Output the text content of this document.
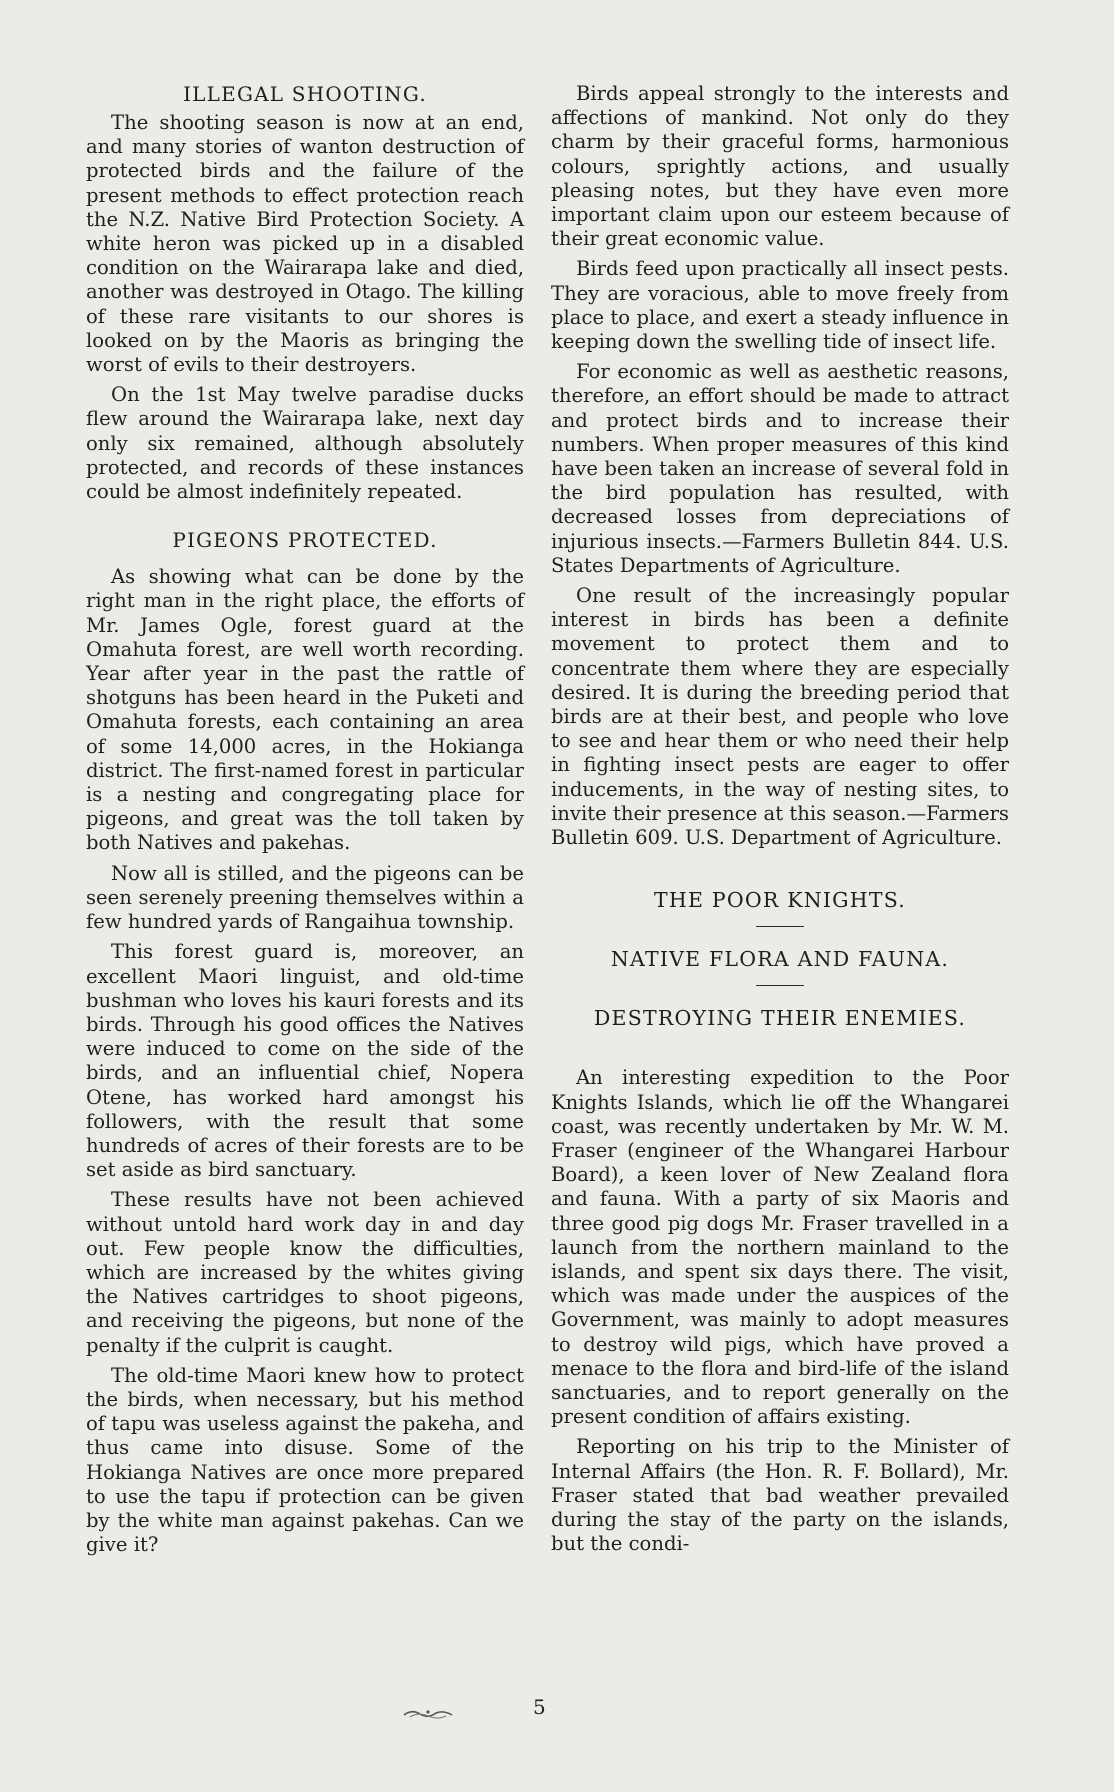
ILLEGAL SHOOTING.

The shooting season is now at an end, and many stories of wanton destruction of protected birds and the failure of the present methods to effect protection reach the N.Z. Native Bird Protection Society. A white heron was picked up in a disabled condition on the Wairarapa lake and died, another was destroyed in Otago. The killing of these rare visitants to our shores is looked on by the Maoris as bringing the worst of evils to their destroyers.

On the 1st May twelve paradise ducks flew around the Wairarapa lake, next day only six remained, although absolutely protected, and records of these instances could be almost indefinitely repeated.

PIGEONS PROTECTED.

As showing what can be done by the right man in the right place, the efforts of Mr. James Ogle, forest guard at the Omahuta forest, are well worth recording. Year after year in the past the rattle of shotguns has been heard in the Puketi and Omahuta forests, each containing an area of some 14,000 acres, in the Hokianga district. The first-named forest in particular is a nesting and congregating place for pigeons, and great was the toll taken by both Natives and pakehas.

Now all is stilled, and the pigeons can be seen serenely preening themselves within a few hundred yards of Rangaihua township.

This forest guard is, moreover, an excellent Maori linguist, and old-time bushman who loves his kauri forests and its birds. Through his good offices the Natives were induced to come on the side of the birds, and an influential chief, Nopera Otene, has worked hard amongst his followers, with the result that some hundreds of acres of their forests are to be set aside as bird sanctuary.

These results have not been achieved without untold hard work day in and day out. Few people know the difficulties, which are increased by the whites giving the Natives cartridges to shoot pigeons, and receiving the pigeons, but none of the penalty if the culprit is caught.

The old-time Maori knew how to protect the birds, when necessary, but his method of tapu was useless against the pakeha, and thus came into disuse. Some of the Hokianga Natives are once more prepared to use the tapu if protection can be given by the white man against pakehas. Can we give it?

Birds appeal strongly to the interests and affections of mankind. Not only do they charm by their graceful forms, harmonious colours, sprightly actions, and usually pleasing notes, but they have even more important claim upon our esteem because of their great economic value.

Birds feed upon practically all insect pests. They are voracious, able to move freely from place to place, and exert a steady influence in keeping down the swelling tide of insect life.

For economic as well as aesthetic reasons, therefore, an effort should be made to attract and protect birds and to increase their numbers. When proper measures of this kind have been taken an increase of several fold in the bird population has resulted, with decreased losses from depreciations of injurious insects.—Farmers Bulletin 844. U.S. States Departments of Agriculture.

One result of the increasingly popular interest in birds has been a definite movement to protect them and to concentrate them where they are especially desired. It is during the breeding period that birds are at their best, and people who love to see and hear them or who need their help in fighting insect pests are eager to offer inducements, in the way of nesting sites, to invite their presence at this season.—Farmers Bulletin 609. U.S. Department of Agriculture.

THE POOR KNIGHTS.
NATIVE FLORA AND FAUNA.
DESTROYING THEIR ENEMIES.

An interesting expedition to the Poor Knights Islands, which lie off the Whangarei coast, was recently undertaken by Mr. W. M. Fraser (engineer of the Whangarei Harbour Board), a keen lover of New Zealand flora and fauna. With a party of six Maoris and three good pig dogs Mr. Fraser travelled in a launch from the northern mainland to the islands, and spent six days there. The visit, which was made under the auspices of the Government, was mainly to adopt measures to destroy wild pigs, which have proved a menace to the flora and bird-life of the island sanctuaries, and to report generally on the present condition of affairs existing.

Reporting on his trip to the Minister of Internal Affairs (the Hon. R. F. Bollard), Mr. Fraser stated that bad weather prevailed during the stay of the party on the islands, but the condi-

5
